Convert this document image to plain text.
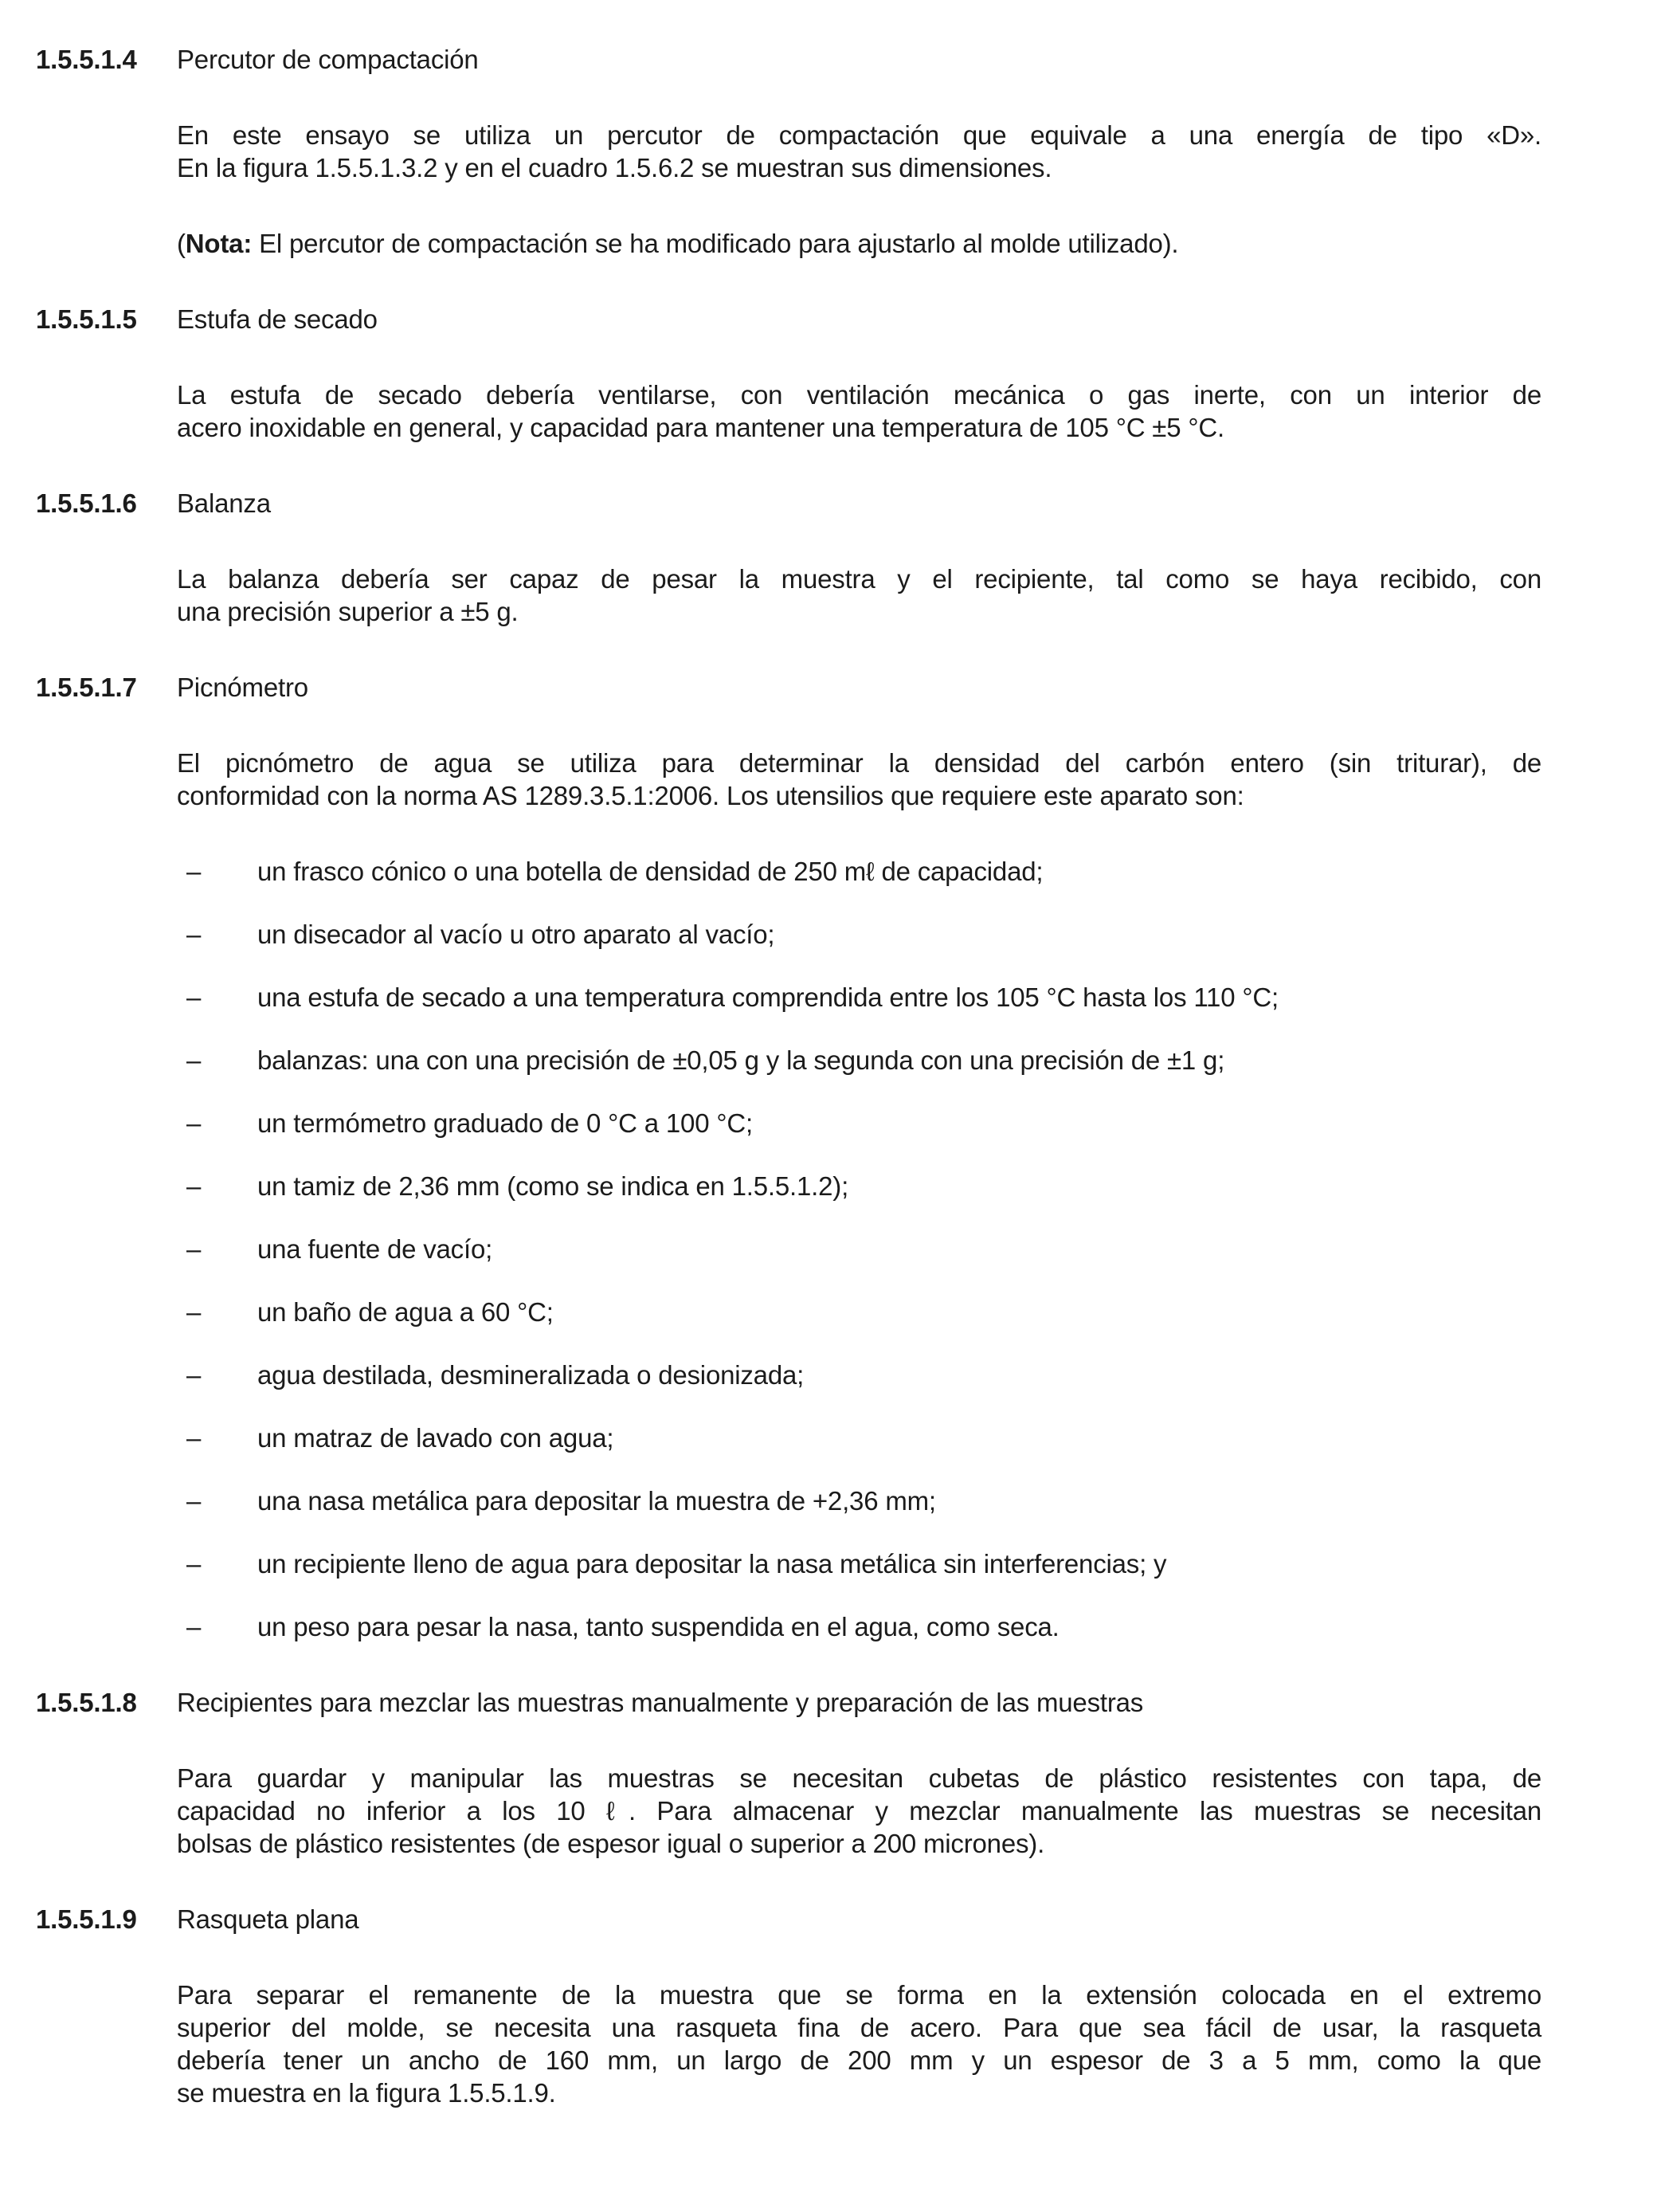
1.5.5.1.4	Percutor de compactación
En este ensayo se utiliza un percutor de compactación que equivale a una energía de tipo «D».
En la figura 1.5.5.1.3.2 y en el cuadro 1.5.6.2 se muestran sus dimensiones.
(Nota: El percutor de compactación se ha modificado para ajustarlo al molde utilizado).
1.5.5.1.5	Estufa de secado
La estufa de secado debería ventilarse, con ventilación mecánica o gas inerte, con un interior de
acero inoxidable en general, y capacidad para mantener una temperatura de 105 °C ±5 °C.
1.5.5.1.6	Balanza
La balanza debería ser capaz de pesar la muestra y el recipiente, tal como se haya recibido, con
una precisión superior a ±5 g.
1.5.5.1.7	Picnómetro
El picnómetro de agua se utiliza para determinar la densidad del carbón entero (sin triturar), de
conformidad con la norma AS 1289.3.5.1:2006. Los utensilios que requiere este aparato son:
–	un frasco cónico o una botella de densidad de 250 mℓ de capacidad;
–	un disecador al vacío u otro aparato al vacío;
–	una estufa de secado a una temperatura comprendida entre los 105 °C hasta los 110 °C;
–	balanzas: una con una precisión de ±0,05 g y la segunda con una precisión de ±1 g;
–	un termómetro graduado de 0 °C a 100 °C;
–	un tamiz de 2,36 mm (como se indica en 1.5.5.1.2);
–	una fuente de vacío;
–	un baño de agua a 60 °C;
–	agua destilada, desmineralizada o desionizada;
–	un matraz de lavado con agua;
–	una nasa metálica para depositar la muestra de +2,36 mm;
–	un recipiente lleno de agua para depositar la nasa metálica sin interferencias; y
–	un peso para pesar la nasa, tanto suspendida en el agua, como seca.
1.5.5.1.8	Recipientes para mezclar las muestras manualmente y preparación de las muestras
Para guardar y manipular las muestras se necesitan cubetas de plástico resistentes con tapa, de
capacidad no inferior a los 10 ℓ. Para almacenar y mezclar manualmente las muestras se necesitan
bolsas de plástico resistentes (de espesor igual o superior a 200 micrones).
1.5.5.1.9	Rasqueta plana
Para separar el remanente de la muestra que se forma en la extensión colocada en el extremo
superior del molde, se necesita una rasqueta fina de acero. Para que sea fácil de usar, la rasqueta
debería tener un ancho de 160 mm, un largo de 200 mm y un espesor de 3 a 5 mm, como la que
se muestra en la figura 1.5.5.1.9.
